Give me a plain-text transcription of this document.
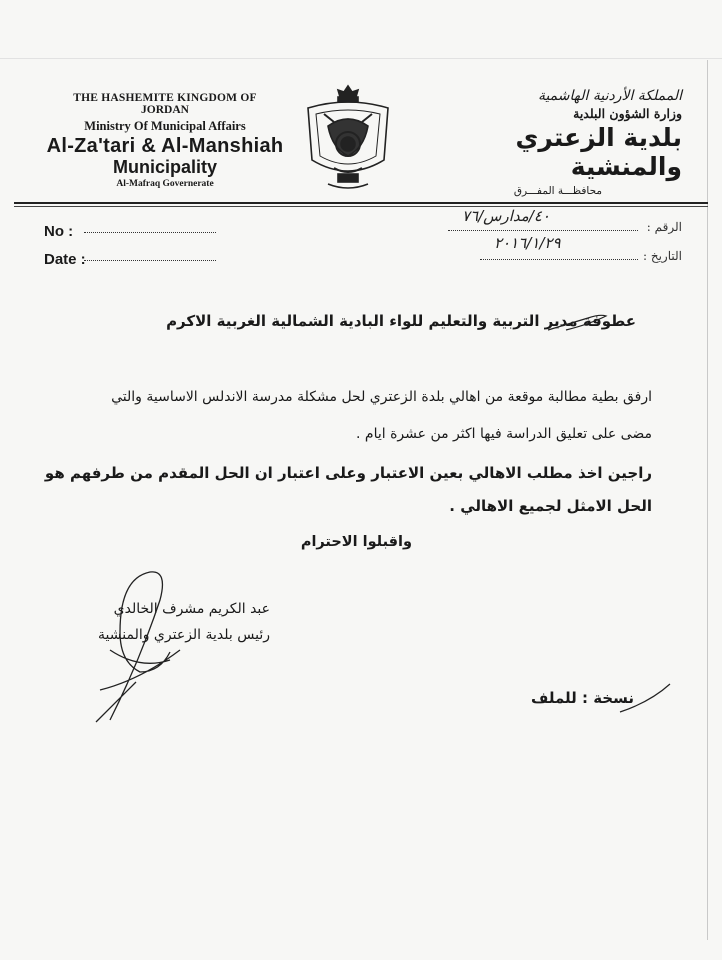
THE HASHEMITE KINGDOM OF
JORDAN
Ministry Of Municipal Affairs
Al-Za'tari & Al-Manshiah
Municipality
Al-Mafraq Governerate
المملكة الأردنية الهاشمية
وزارة الشؤون البلدية
بلدية الزعتري والمنشية
محافظـــة المفـــرق
No :
Date :
الرقم :
٤٠/مدارس/٧٦
التاريخ :
٢٠١٦/١/٢٩
عطوفة مدير التربية والتعليم للواء البادية الشمالية الغربية الاكرم
ارفق بطية مطالبة موقعة من اهالي بلدة الزعتري لحل مشكلة مدرسة الاندلس الاساسية والتي
مضى على تعليق الدراسة فيها اكثر من عشرة ايام .
راجين اخذ مطلب الاهالي بعين الاعتبار وعلى اعتبار ان الحل المقدم من طرفهم هو
الحل الامثل لجميع الاهالي .
واقبلوا الاحترام
عبد الكريم مشرف الخالدي
رئيس بلدية الزعتري والمنشية
نسخة : للملف
